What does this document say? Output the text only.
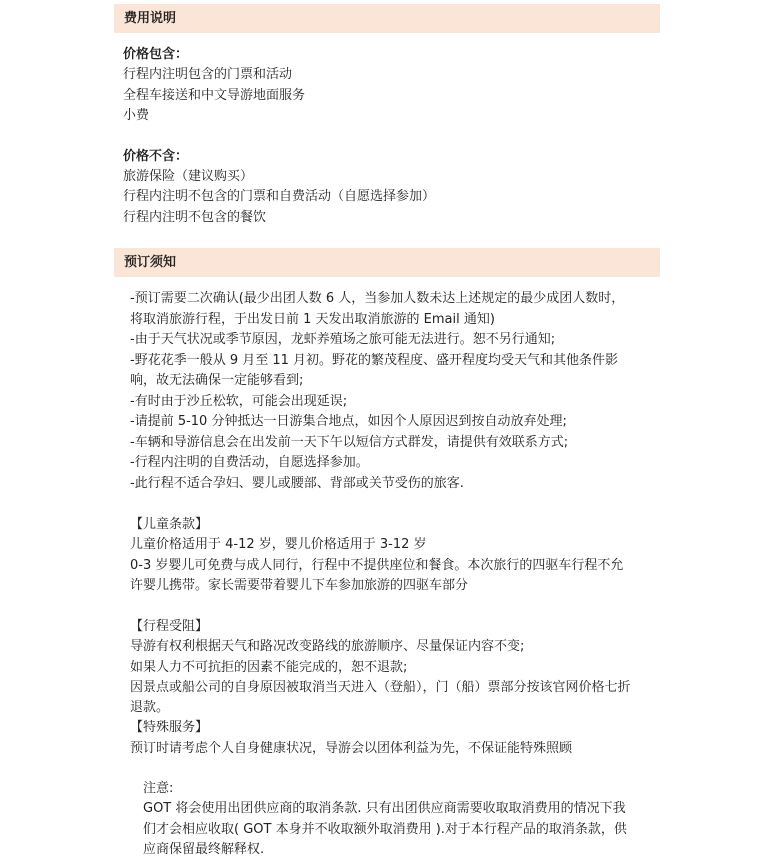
费用说明
价格包含：
行程内注明包含的门票和活动
全程车接送和中文导游地面服务
小费
价格不含：
旅游保险（建议购买）
行程内注明不包含的门票和自费活动（自愿选择参加）
行程内注明不包含的餐饮
预订须知
-预订需要二次确认(最少出团人数 6 人，当参加人数未达上述规定的最少成团人数时，
将取消旅游行程，于出发日前 1 天发出取消旅游的 Email 通知)
-由于天气状况或季节原因，龙虾养殖场之旅可能无法进行。恕不另行通知;
-野花花季一般从 9 月至 11 月初。野花的繁茂程度、盛开程度均受天气和其他条件影
响，故无法确保一定能够看到;
-有时由于沙丘松软，可能会出现延误;
-请提前 5-10 分钟抵达一日游集合地点，如因个人原因迟到按自动放弃处理;
-车辆和导游信息会在出发前一天下午以短信方式群发，请提供有效联系方式;
-行程内注明的自费活动，自愿选择参加。
-此行程不适合孕妇、婴儿或腰部、背部或关节受伤的旅客.
【儿童条款】
儿童价格适用于 4-12 岁，婴儿价格适用于 3-12 岁
0-3 岁婴儿可免费与成人同行，行程中不提供座位和餐食。本次旅行的四驱车行程不允
许婴儿携带。家长需要带着婴儿下车参加旅游的四驱车部分
【行程受阻】
导游有权利根据天气和路况改变路线的旅游顺序、尽量保证内容不变;
如果人力不可抗拒的因素不能完成的，恕不退款;
因景点或船公司的自身原因被取消当天进入（登船），门（船）票部分按该官网价格七折
退款。
【特殊服务】
预订时请考虑个人自身健康状况，导游会以团体利益为先，不保证能特殊照顾
注意:
GOT 将会使用出团供应商的取消条款. 只有出团供应商需要收取取消费用的情况下我
们才会相应收取( GOT 本身并不收取额外取消费用 ).对于本行程产品的取消条款，供
应商保留最终解释权.
